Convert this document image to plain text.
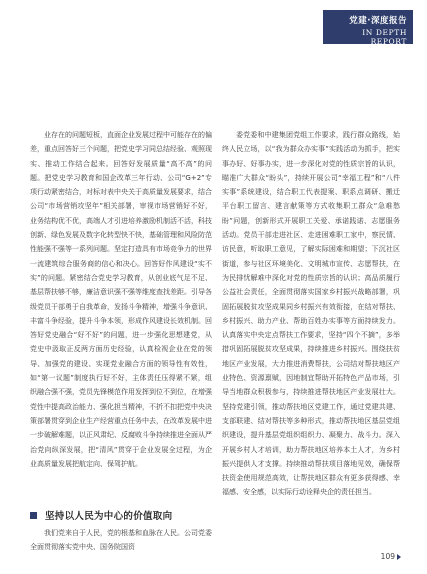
党建·深度报告
IN DEPTH REPORT

业存在的问题短板，直面企业发展过程中可能存在的偏差，重点回答好三个问题，把党史学习同总结经验、观照现实、推动工作结合起来。回答好发展质量“高不高”的问题。把党史学习教育和国企改革三年行动、公司“G+2”专项行动紧密结合，对标对表中央关于高质量发展要求，结合公司“市场营销攻坚年”相关部署，审视市场营销好不好，业务结构优不优，高端人才引进培养激励机制活不活，科技创新、绿色发展及数字化转型快不快，基础管理和风险防范性能强不强等一系列问题。坚定打造具有市场竞争力的世界一流建筑综合服务商的信心和决心。回答好作风建设“实不实”的问题。紧密结合党史学习教育，从创业底气足不足、基层帮扶够不够，廉洁意识强不强等维度查找差距。引导各级党员干部勇于自我革命，发扬斗争精神，增强斗争意识、丰富斗争经验，提升斗争本领，形成作风建设长效机制。回答好党史融合“好不好”的问题，进一步强化思想建党，从党史中汲取正反两方面历史经验，认真检视企业在党的领导、加强党的建设、实现党业融合方面的领导性有效性，如“第一议题”制度执行好不好，主体责任压得紧不紧，组织融合强不强，党员先锋模范作用发挥到位不到位，在增强党性中提高政治能力、强化担当精神，不折不扣把党中央决策部署贯穿到企业生产经营重点任务中去，在改革发展中进一步破解难题，以正风肃纪、反腐败斗争持续推进全面从严治党向纵深发展，把“清风”贯穿于企业发展全过程，为企业高质量发展把航定向、保驾护航。

坚持以人民为中心的价值取向

我们党来自于人民，党的根基和血脉在人民。公司党委全面贯彻落实党中央、国务院国资

委党委和中建集团党组工作要求，践行群众路线，始终人民立场，以“我为群众办实事”实践活动为抓手，把实事办好、好事办实，进一步深化对党的性质宗旨的认识，瞄准广大群众“盼头”，持续开展公司“幸福工程”和“八件实事”系统建设，结合职工代表提案、职系点调研、搬迁平台职工留言、建言献策等方式收集职工群众“急难愁盼”问题，创新形式开展职工关爱、承诺践诺、志愿服务活动。党员干部走进社区、走进困难职工家中，察民情、访民意，听取职工意见，了解实际困难和期望；下沉社区街道，参与社区环境美化、文明城市宣传、志愿帮扶，在为民排忧解难中深化对党的性质宗旨的认识；高品质履行公益社会责任，全面贯彻落实国家乡村振兴战略部署，巩固拓展脱贫攻坚成果同乡村振兴有效衔接，在结对帮扶、乡村振兴、助力产业、帮助百姓办实事等方面持续发力。认真落实中央定点帮扶工作要求，坚持“四个不摘”，多举措巩固拓展脱贫攻坚成果，持续推进乡村振兴。围绕扶贫地区产业发展，大力推进消费帮扶，公司结对帮扶地区产业特色、资源禀赋，因地制宜帮助开拓特色产品市场，引导当地群众积极参与，持续推进帮扶地区产业发展壮大。坚持党建引领，推动帮扶地区党建工作，通过党建共建、支部联建、结对帮扶等多种形式，推动帮扶地区基层党组织建设，提升基层党组织组织力、凝聚力、战斗力。深入开展乡村人才培训，助力帮扶地区培养本土人才，为乡村振兴提供人才支撑。持续推动帮扶项目落地见效，确保帮扶资金使用规范高效，让帮扶地区群众有更多获得感、幸福感、安全感，以实际行动诠释央企的责任担当。

109
